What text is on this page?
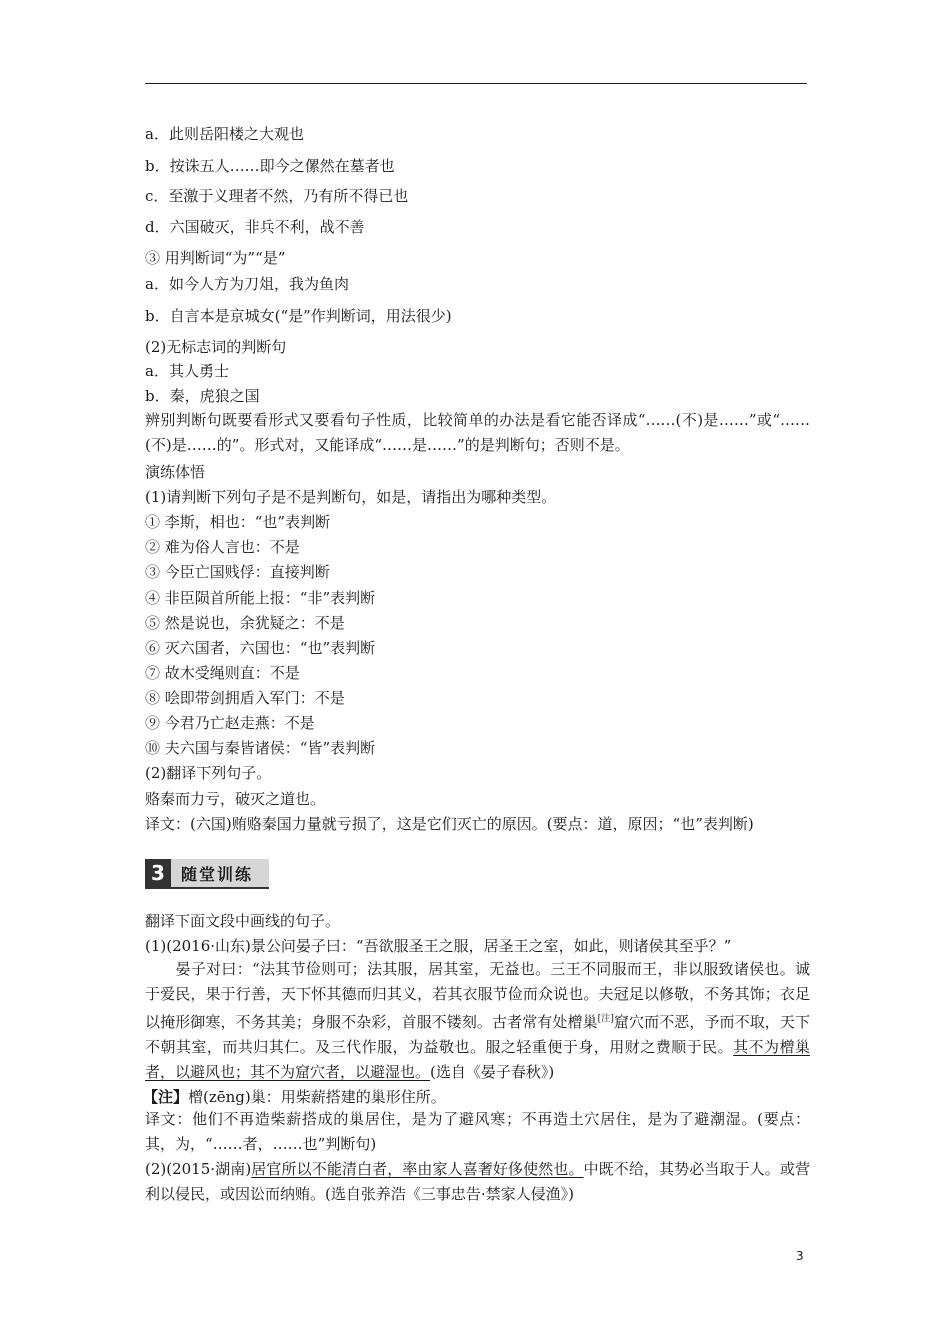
a．此则岳阳楼之大观也
b．按诛五人……即今之傫然在墓者也
c．至激于义理者不然，乃有所不得已也
d．六国破灭，非兵不利，战不善
③ 用判断词“为”“是”
a．如今人方为刀俎，我为鱼肉
b．自言本是京城女(“是”作判断词，用法很少)
(2)无标志词的判断句
a．其人勇士
b．秦，虎狼之国
辨别判断句既要看形式又要看句子性质，比较简单的办法是看它能否译成“……(不)是……”或“……(不)是……的”。形式对，又能译成“……是……”的是判断句；否则不是。
演练体悟
(1)请判断下列句子是不是判断句，如是，请指出为哪种类型。
① 李斯，相也：“也”表判断
② 难为俗人言也：不是
③ 今臣亡国贱俘：直接判断
④ 非臣陨首所能上报：“非”表判断
⑤ 然是说也，余犹疑之：不是
⑥ 灭六国者，六国也：“也”表判断
⑦ 故木受绳则直：不是
⑧ 哙即带剑拥盾入军门：不是
⑨ 今君乃亡赵走燕：不是
⑩ 夫六国与秦皆诸侯：“皆”表判断
(2)翻译下列句子。
赂秦而力亏，破灭之道也。
译文：(六国)贿赂秦国力量就亏损了，这是它们灭亡的原因。(要点：道，原因；“也”表判断)
3	随堂训练
翻译下面文段中画线的句子。
(1)(2016·山东)景公问晏子曰：“吾欲服圣王之服，居圣王之室，如此，则诸侯其至乎？”
　　晏子对曰：“法其节俭则可；法其服，居其室，无益也。三王不同服而王，非以服致诸侯也。诚于爱民，果于行善，天下怀其德而归其义，若其衣服节俭而众说也。夫冠足以修敬，不务其饰；衣足以掩形御寒，不务其美；身服不杂彩，首服不镂刻。古者常有处橧巢[注]窟穴而不恶，予而不取，天下不朝其室，而共归其仁。及三代作服，为益敬也。服之轻重便于身，用财之费顺于民。其不为橧巢者，以避风也；其不为窟穴者，以避湿也。(选自《晏子春秋》)
【注】橧(zēng)巢：用柴薪搭建的巢形住所。
译文：他们不再造柴薪搭成的巢居住，是为了避风寒；不再造土穴居住，是为了避潮湿。(要点：其，为，“……者，……也”判断句)
(2)(2015·湖南)居官所以不能清白者，率由家人喜奢好侈使然也。中既不给，其势必当取于人。或营利以侵民，或因讼而纳贿。(选自张养浩《三事忠告·禁家人侵渔》)
3
